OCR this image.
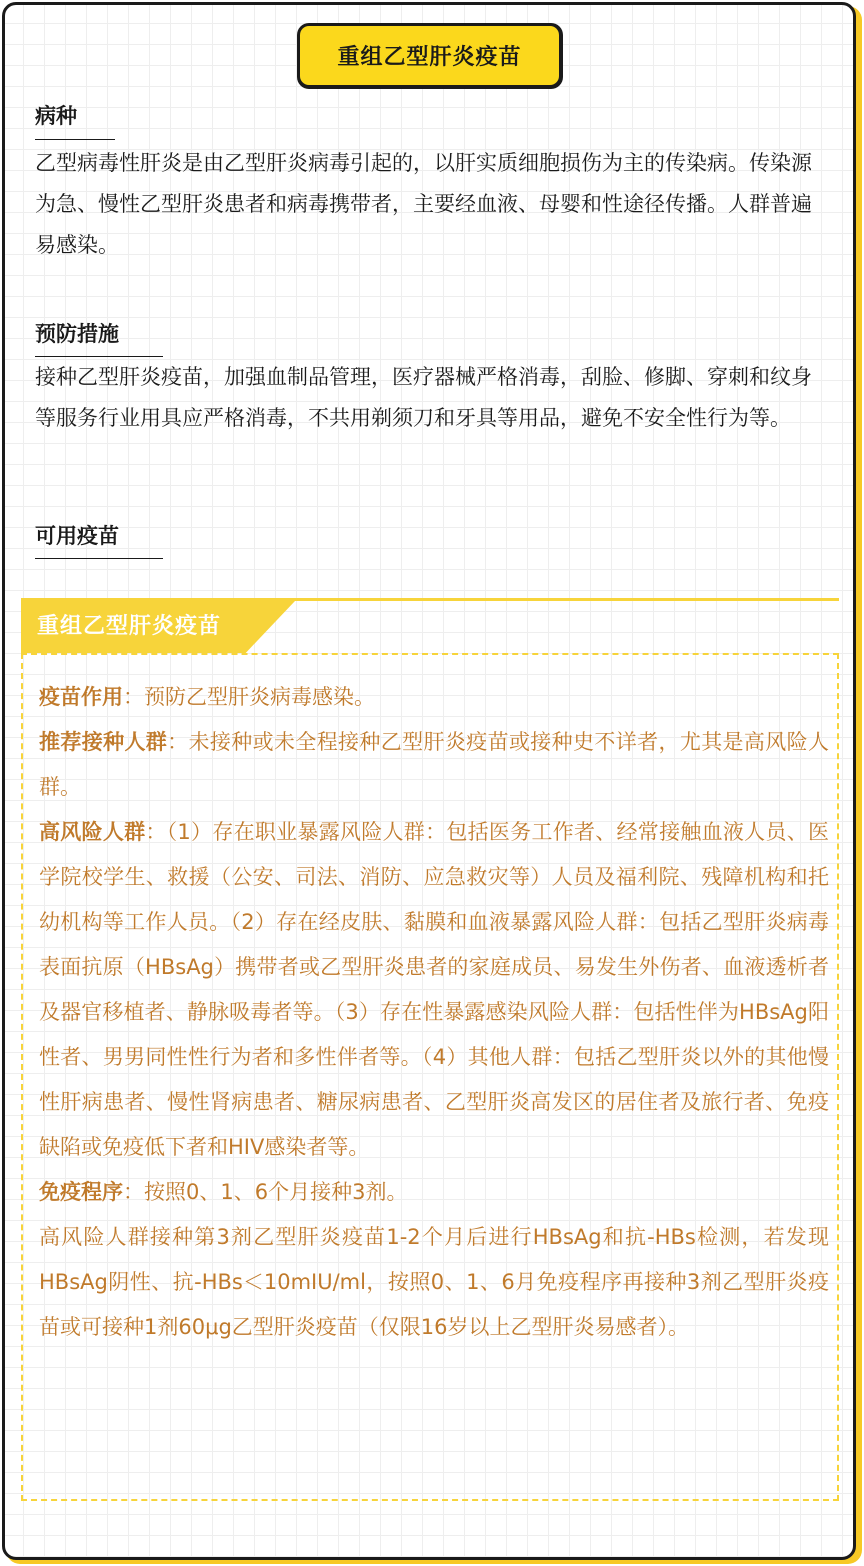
重组乙型肝炎疫苗
病种

乙型病毒性肝炎是由乙型肝炎病毒引起的，以肝实质细胞损伤为主的传染病。传染源为急、慢性乙型肝炎患者和病毒携带者，主要经血液、母婴和性途径传播。人群普遍易感染。

预防措施

接种乙型肝炎疫苗，加强血制品管理，医疗器械严格消毒，刮脸、修脚、穿刺和纹身等服务行业用具应严格消毒，不共用剃须刀和牙具等用品，避免不安全性行为等。

可用疫苗
重组乙型肝炎疫苗

疫苗作用：预防乙型肝炎病毒感染。

推荐接种人群：未接种或未全程接种乙型肝炎疫苗或接种史不详者，尤其是高风险人群。

高风险人群：（1）存在职业暴露风险人群：包括医务工作者、经常接触血液人员、医学院校学生、救援（公安、司法、消防、应急救灾等）人员及福利院、残障机构和托幼机构等工作人员。（2）存在经皮肤、黏膜和血液暴露风险人群：包括乙型肝炎病毒表面抗原（HBsAg）携带者或乙型肝炎患者的家庭成员、易发生外伤者、血液透析者及器官移植者、静脉吸毒者等。（3）存在性暴露感染风险人群：包括性伴为HBsAg阳性者、男男同性性行为者和多性伴者等。（4）其他人群：包括乙型肝炎以外的其他慢性肝病患者、慢性肾病患者、糖尿病患者、乙型肝炎高发区的居住者及旅行者、免疫缺陷或免疫低下者和HIV感染者等。

免疫程序：按照0、1、6个月接种3剂。

高风险人群接种第3剂乙型肝炎疫苗1-2个月后进行HBsAg和抗-HBs检测，若发现HBsAg阴性、抗-HBs＜10mIU/ml，按照0、1、6月免疫程序再接种3剂乙型肝炎疫苗或可接种1剂60μg乙型肝炎疫苗（仅限16岁以上乙型肝炎易感者）。
